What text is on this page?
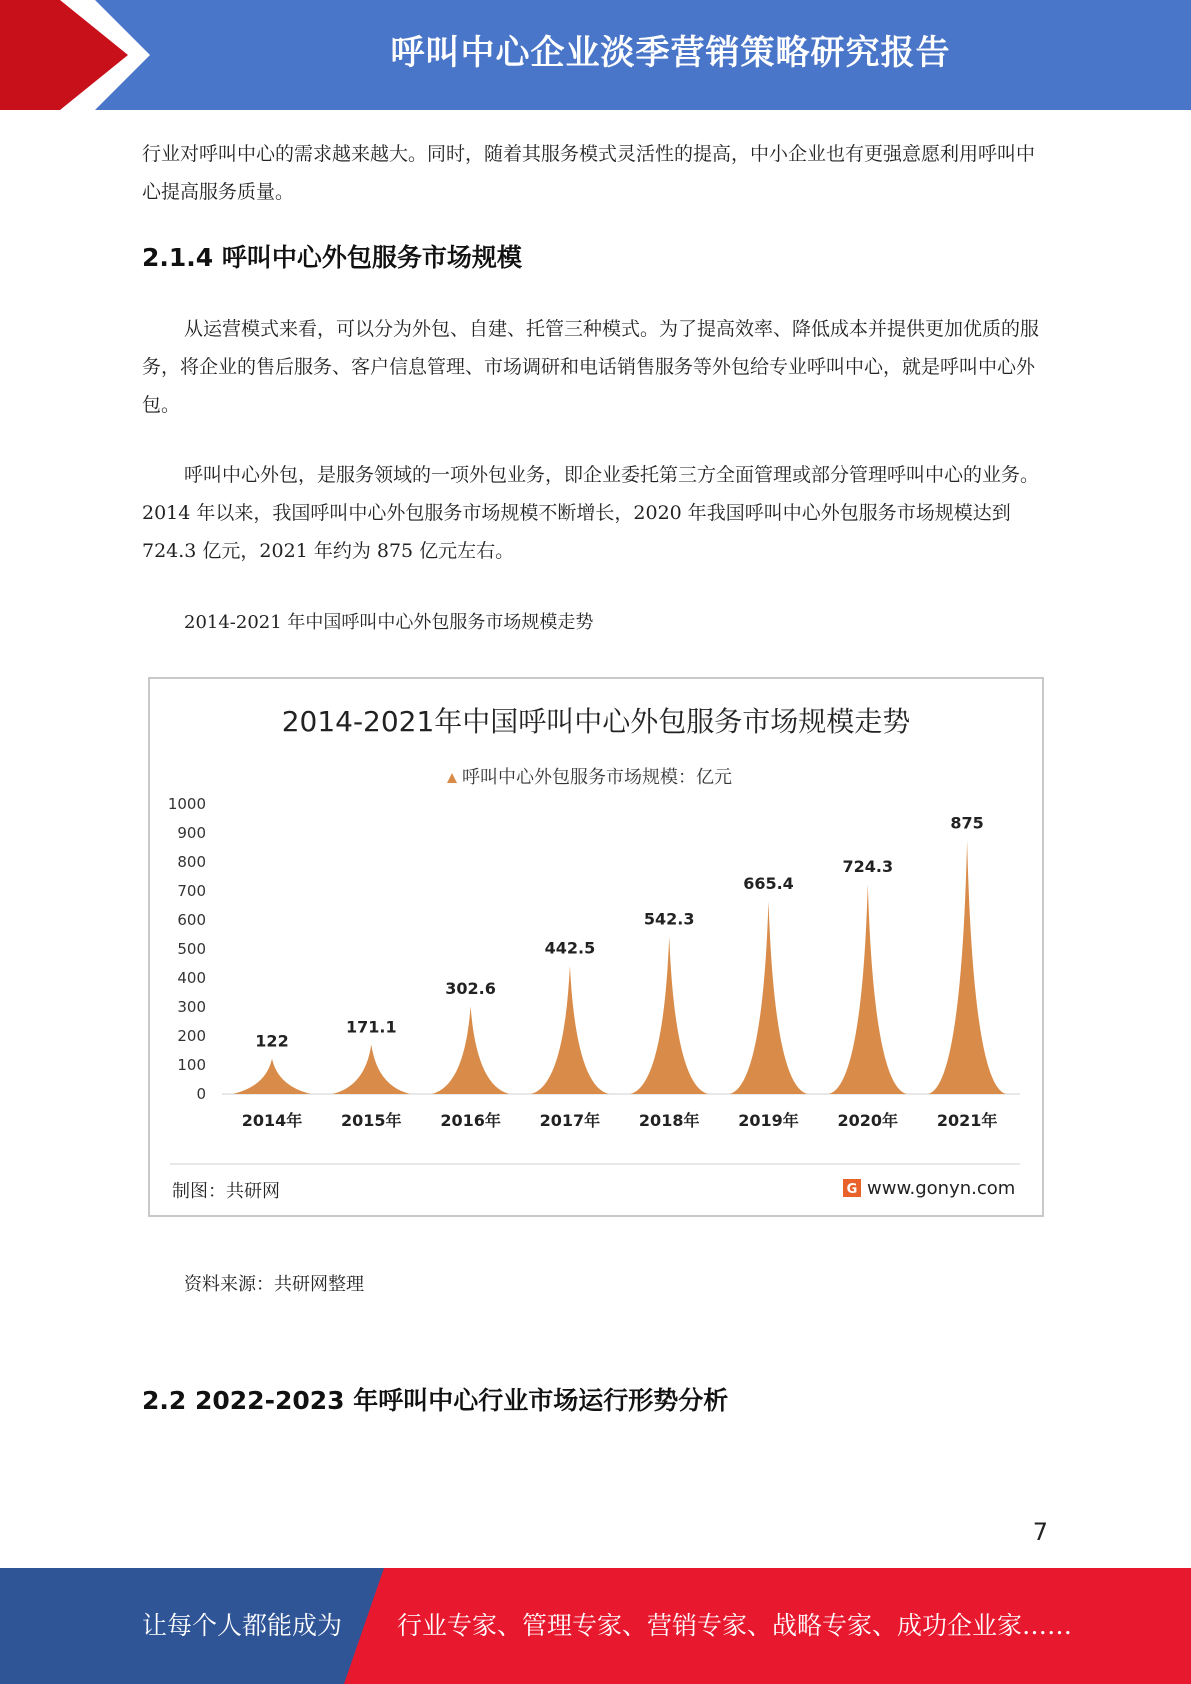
呼叫中心企业淡季营销策略研究报告

行业对呼叫中心的需求越来越大。同时，随着其服务模式灵活性的提高，中小企业也有更强意愿利用呼叫中心提高服务质量。

2.1.4 呼叫中心外包服务市场规模

从运营模式来看，可以分为外包、自建、托管三种模式。为了提高效率、降低成本并提供更加优质的服务，将企业的售后服务、客户信息管理、市场调研和电话销售服务等外包给专业呼叫中心，就是呼叫中心外包。

呼叫中心外包，是服务领域的一项外包业务，即企业委托第三方全面管理或部分管理呼叫中心的业务。2014 年以来，我国呼叫中心外包服务市场规模不断增长，2020 年我国呼叫中心外包服务市场规模达到 724.3 亿元，2021 年约为 875 亿元左右。

2014-2021 年中国呼叫中心外包服务市场规模走势
2014-2021年中国呼叫中心外包服务市场规模走势
呼叫中心外包服务市场规模：亿元
0
100
200
300
400
500
600
700
800
900
1000
122
171.1
302.6
442.5
542.3
665.4
724.3
875
2014年 2015年 2016年 2017年 2018年 2019年 2020年 2021年
制图：共研网	G www.gonyn.com
资料来源：共研网整理
2.2 2022-2023 年呼叫中心行业市场运行形势分析
7
让每个人都能成为 行业专家、管理专家、营销专家、战略专家、成功企业家……
